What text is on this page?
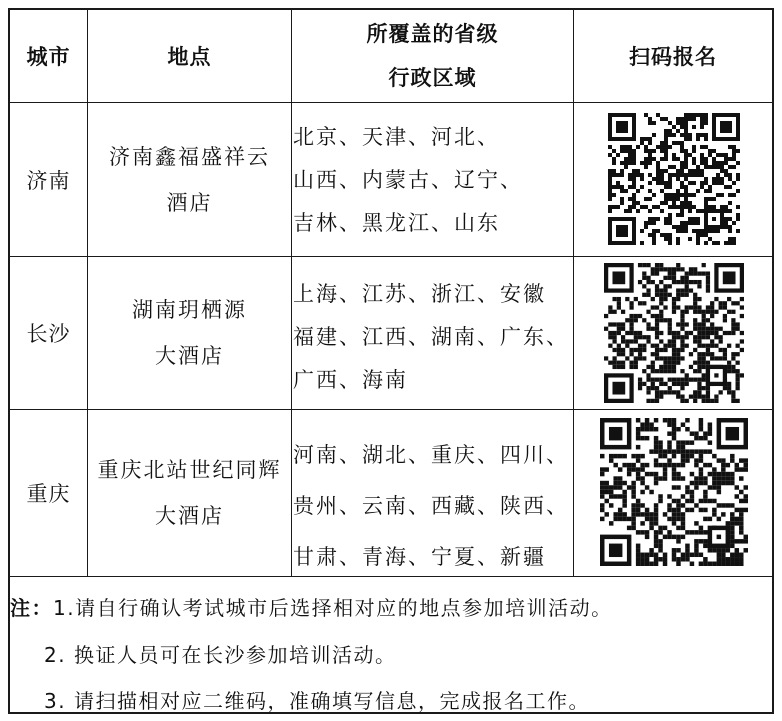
城市	地点
所覆盖的省级
行政区域
扫码报名
济南
济南鑫福盛祥云
酒店
北京、天津、河北、
山西、内蒙古、辽宁、
吉林、黑龙江、山东
长沙
湖南玥栖源
大酒店
上海、江苏、浙江、安徽
福建、江西、湖南、广东、
广西、海南
重庆
重庆北站世纪同辉
大酒店
河南、湖北、重庆、四川、
贵州、云南、西藏、陕西、
甘肃、青海、宁夏、新疆
注：1.请自行确认考试城市后选择相对应的地点参加培训活动。
2. 换证人员可在长沙参加培训活动。
3. 请扫描相对应二维码，准确填写信息，完成报名工作。
